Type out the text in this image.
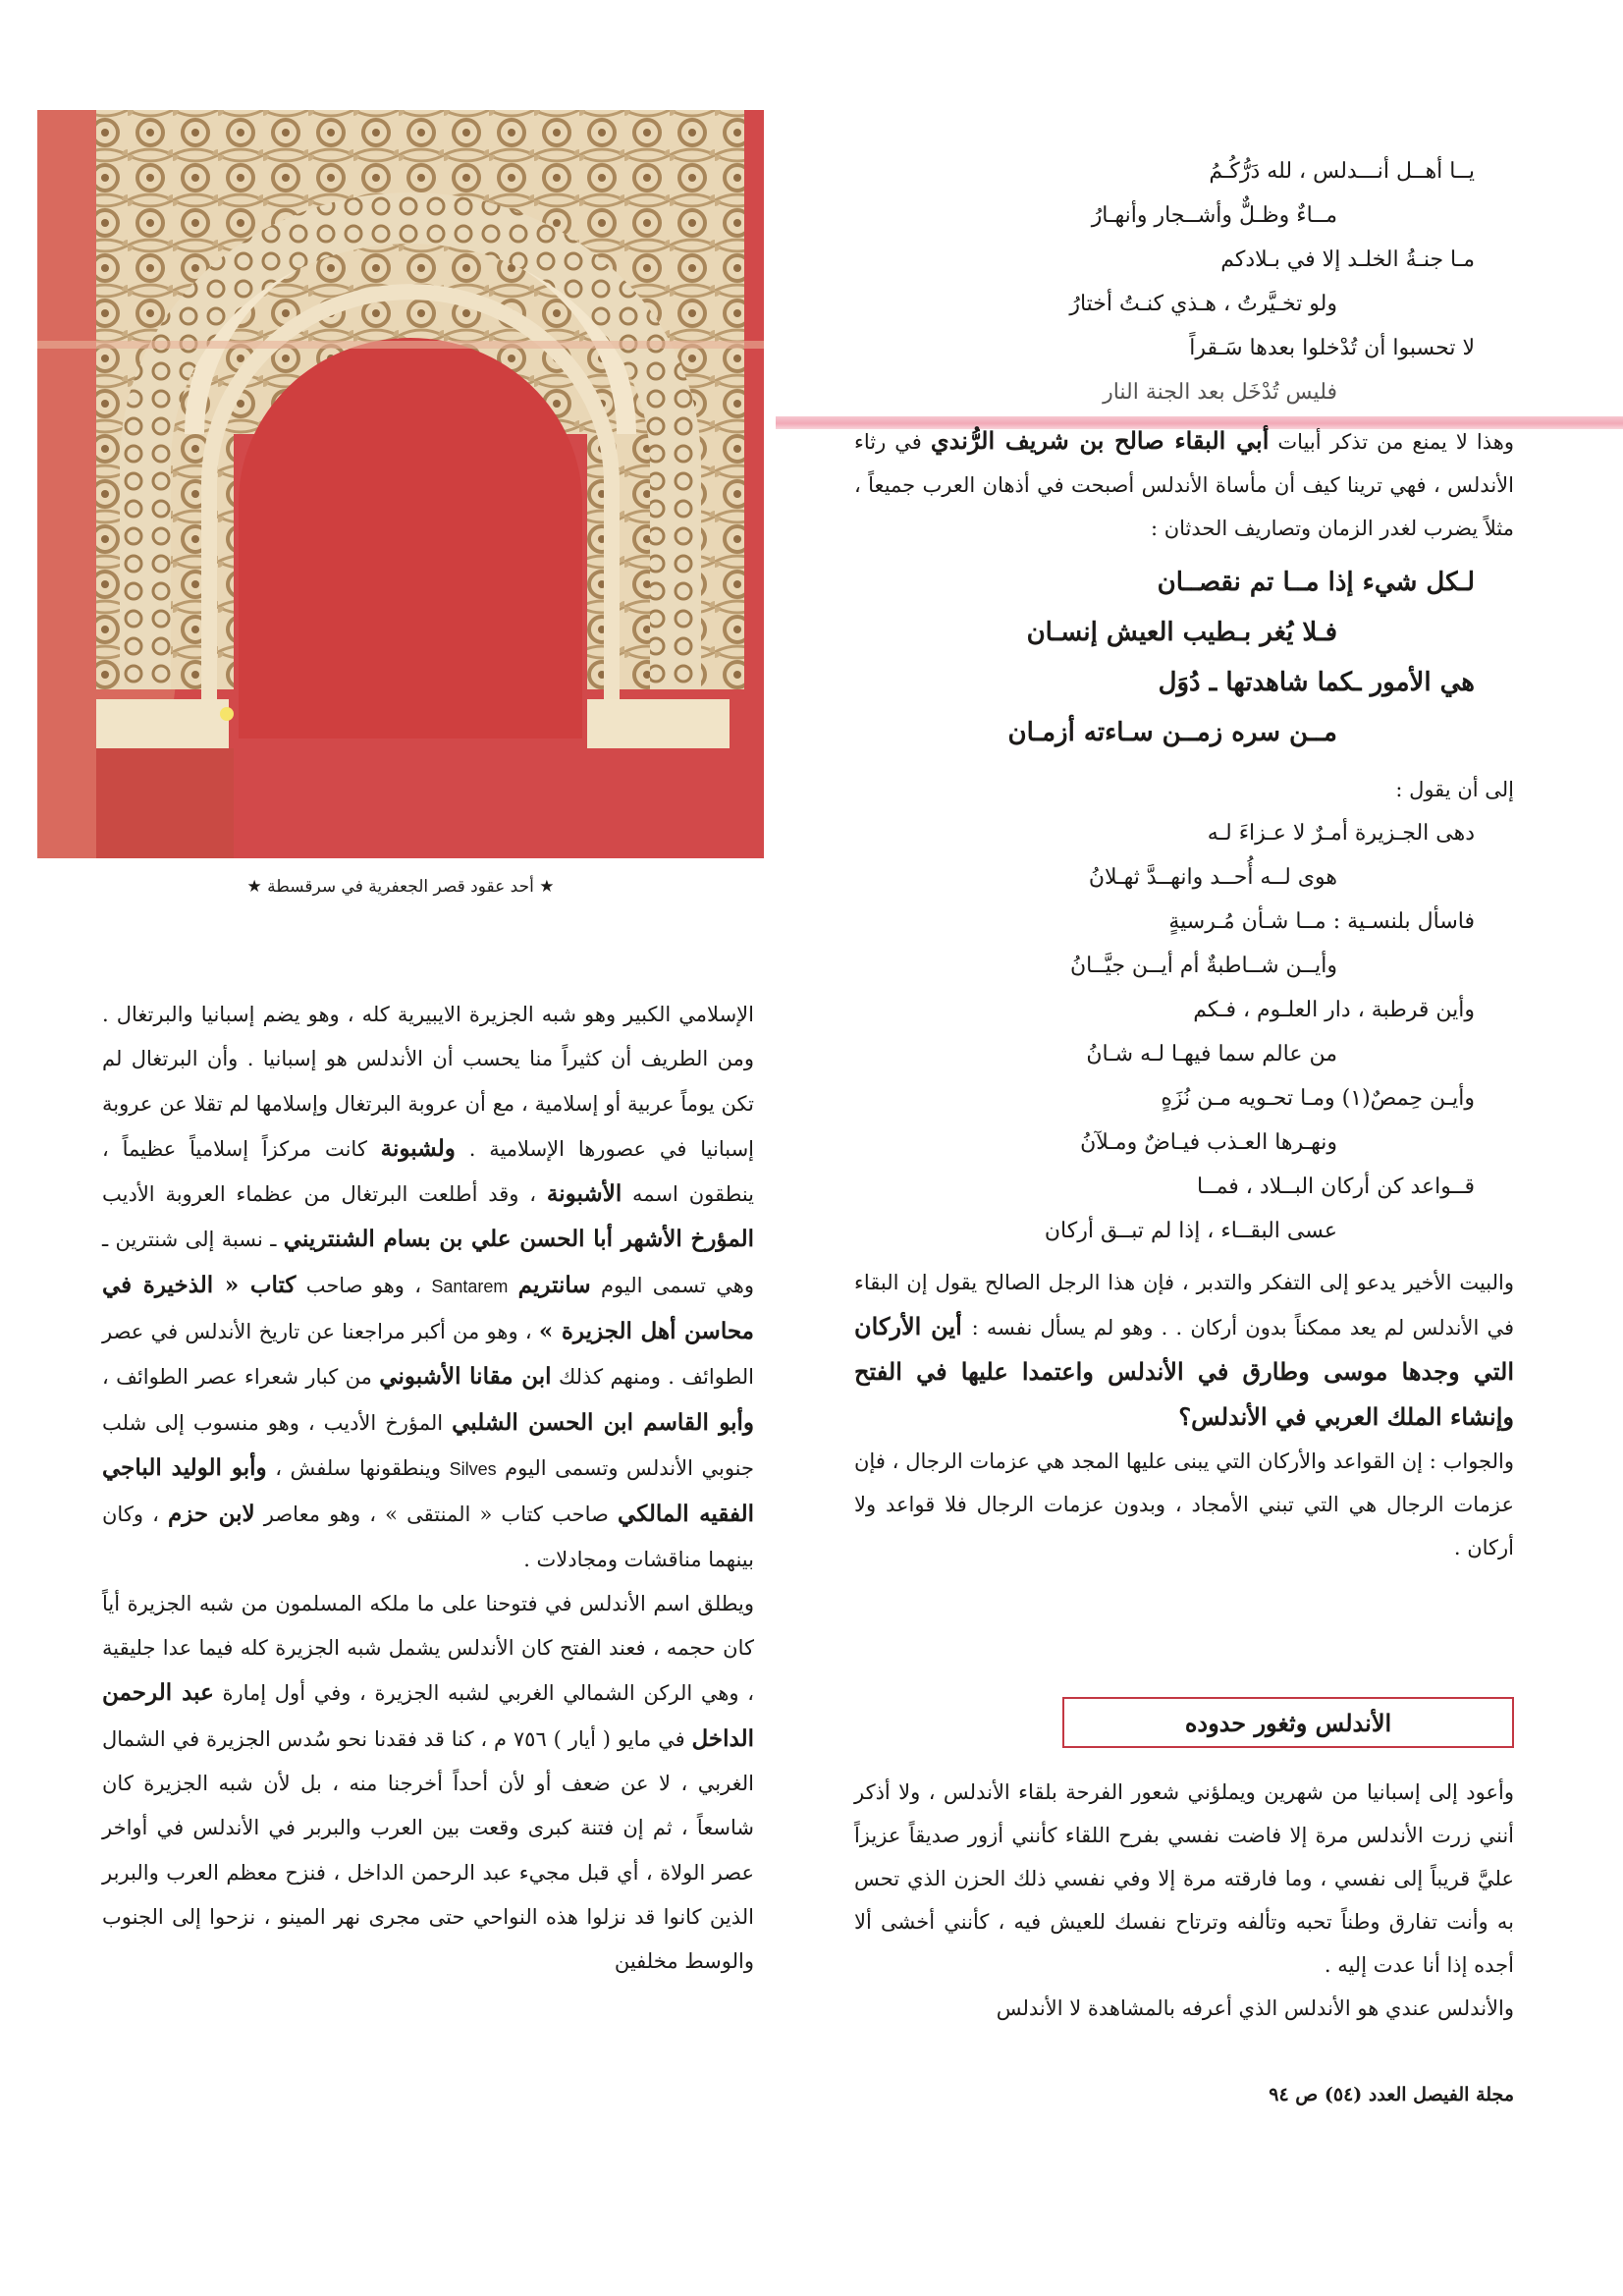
★ أحد عقود قصر الجعفرية في سرقسطة ★
يــا أهــل أنـــدلس ، لله دَرُّكُـمُ
مــاءٌ وظـلٌّ وأشــجار وأنهـارُ
مـا جنـةُ الخلـد إلا في بـلادكم
ولو تخـيَّرتُ ، هـذي كنـتُ أختارُ
لا تحسبوا أن تُدْخلوا بعدها سَـقراً
فليس تُدْخَل بعد الجنة النار

وهذا لا يمنع من تذكر أبيات أبي البقاء صالح بن شريف الرُّندي في رثاء الأندلس ، فهي ترينا كيف أن مأساة الأندلس أصبحت في أذهان العرب جميعاً ، مثلاً يضرب لغدر الزمان وتصاريف الحدثان :

لـكل شيء إذا مــا تم نقصــان
فـلا يُغر بـطيب العيش إنسـان
هي الأمور ـكما شاهدتها ـ دُوَل
مــن سره زمــن سـاءته أزمـان

إلى أن يقول :

دهى الجـزيرة أمـرٌ لا عـزاءَ لـه
هوى لــه أُحــد وانهــدَّ ثهـلانُ
فاسأل بلنسـية : مــا شـأن مُـرسيةٍ
وأيــن شــاطبةٌ أم أيــن جيَّــانُ
وأين قرطبة ، دار العلـوم ، فـكم
من عالم سما فيهـا لـه شـانُ
وأيـن حِمصٌ(١) ومـا تحـويه مـن نُزَهٍ
ونهـرها العـذب فيـاضٌ ومـلآنُ
قــواعد كن أركان البــلاد ، فمــا
عسى البقــاء ، إذا لم تبــق أركان

والبيت الأخير يدعو إلى التفكر والتدبر ، فإن هذا الرجل الصالح يقول إن البقاء في الأندلس لم يعد ممكناً بدون أركان . . وهو لم يسأل نفسه : أين الأركان التي وجدها موسى وطارق في الأندلس واعتمدا عليها في الفتح وإنشاء الملك العربي في الأندلس؟

والجواب : إن القواعد والأركان التي يبنى عليها المجد هي عزمات الرجال ، فإن عزمات الرجال هي التي تبني الأمجاد ، وبدون عزمات الرجال فلا قواعد ولا أركان .

الأندلس وثغور حدوده

وأعود إلى إسبانيا من شهرين ويملؤني شعور الفرحة بلقاء الأندلس ، ولا أذكر أنني زرت الأندلس مرة إلا فاضت نفسي بفرح اللقاء كأنني أزور صديقاً عزيزاً عليَّ قريباً إلى نفسي ، وما فارقته مرة إلا وفي نفسي ذلك الحزن الذي تحس به وأنت تفارق وطناً تحبه وتألفه وترتاح نفسك للعيش فيه ، كأنني أخشى ألا أجده إذا أنا عدت إليه .

والأندلس عندي هو الأندلس الذي أعرفه بالمشاهدة لا الأندلس

الإسلامي الكبير وهو شبه الجزيرة الايبيرية كله ، وهو يضم إسبانيا والبرتغال . ومن الطريف أن كثيراً منا يحسب أن الأندلس هو إسبانيا . وأن البرتغال لم تكن يوماً عربية أو إسلامية ، مع أن عروبة البرتغال وإسلامها لم تقلا عن عروبة إسبانيا في عصورها الإسلامية . ولشبونة كانت مركزاً إسلامياً عظيماً ، ينطقون اسمه الأشبونة ، وقد أطلعت البرتغال من عظماء العروبة الأديب المؤرخ الأشهر أبا الحسن علي بن بسام الشنتريني ـ نسبة إلى شنترين ـ وهي تسمى اليوم سانتريم Santarem ، وهو صاحب كتاب « الذخيرة في محاسن أهل الجزيرة » ، وهو من أكبر مراجعنا عن تاريخ الأندلس في عصر الطوائف . ومنهم كذلك ابن مقانا الأشبوني من كبار شعراء عصر الطوائف ، وأبو القاسم ابن الحسن الشلبي المؤرخ الأديب ، وهو منسوب إلى شلب جنوبي الأندلس وتسمى اليوم Silves وينطقونها سلفش ، وأبو الوليد الباجي الفقيه المالكي صاحب كتاب « المنتقى » ، وهو معاصر لابن حزم ، وكان بينهما مناقشات ومجادلات .

ويطلق اسم الأندلس في فتوحنا على ما ملكه المسلمون من شبه الجزيرة أياً كان حجمه ، فعند الفتح كان الأندلس يشمل شبه الجزيرة كله فيما عدا جليقية ، وهي الركن الشمالي الغربي لشبه الجزيرة ، وفي أول إمارة عبد الرحمن الداخل في مايو ( أيار ) ٧٥٦ م ، كنا قد فقدنا نحو سُدس الجزيرة في الشمال الغربي ، لا عن ضعف أو لأن أحداً أخرجنا منه ، بل لأن شبه الجزيرة كان شاسعاً ، ثم إن فتنة كبرى وقعت بين العرب والبربر في الأندلس في أواخر عصر الولاة ، أي قبل مجيء عبد الرحمن الداخل ، فنزح معظم العرب والبربر الذين كانوا قد نزلوا هذه النواحي حتى مجرى نهر المينو ، نزحوا إلى الجنوب والوسط مخلفين

مجلة الفيصل العدد (٥٤) ص ٩٤
